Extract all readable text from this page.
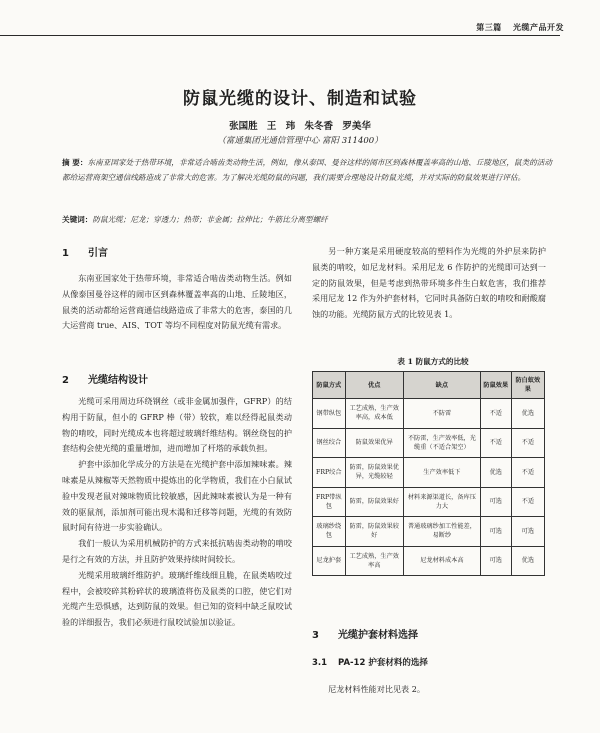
第三篇 光缆产品开发
防鼠光缆的设计、制造和试验
张国胜 王 玮 朱冬香 罗美华
（富通集团光通信管理中心 富阳 311400）
摘 要：东南亚国家处于热带环境，非常适合啮齿类动物生活，例如，像从泰国、曼谷这样的闹市区到森林覆盖率高的山地、丘陵地区，鼠类的活动都给运营商架空通信线路造成了非常大的危害。为了解决光缆防鼠的问题，我们需要合理地设计防鼠光缆，并对实际的防鼠效果进行评估。
关键词：防鼠光缆；尼龙；穿透力；热带；非金属；拉伸比；牛筋比分离型螺纤
1 引言

东南亚国家处于热带环境，非常适合啮齿类动物生活。例如从像泰国曼谷这样的闹市区到森林覆盖率高的山地、丘陵地区，鼠类的活动都给运营商通信线路造成了非常大的危害，泰国的几大运营商 true、AIS、TOT 等均不同程度对防鼠光缆有需求。

2 光缆结构设计

光缆可采用周边环绕钢丝（或非金属加强件，GFRP）的结构用于防鼠，但小的 GFRP 棒（带）较软，难以经得起鼠类动物的啃咬，同时光缆成本也将超过玻璃纤维结构。钢丝绕包的护套结构会使光缆的重量增加，进而增加了杆塔的承载负担。

护套中添加化学成分的方法是在光缆护套中添加辣味素。辣味素是从辣椒等天然物质中提炼出的化学物质，我们在小白鼠试验中发现老鼠对辣味物质比较敏感，因此辣味素被认为是一种有效的驱鼠剂，添加剂可能出现木渴和迁移等问题，光缆的有效防鼠时间有待进一步实验确认。

我们一般认为采用机械防护的方式来抵抗啮齿类动物的啃咬是行之有效的方法，并且防护效果持续时间较长。

光缆采用玻璃纤维防护。玻璃纤维线细且脆，在鼠类啮咬过程中，会被咬碎其粉碎状的玻璃渣将伤及鼠类的口腔，使它们对光缆产生恐惧感，达到防鼠的效果。但已知的资料中缺乏鼠咬试验的详细报告，我们必须进行鼠咬试验加以验证。

另一种方案是采用硬度较高的塑料作为光缆的外护层来防护鼠类的啃咬，如尼龙材料。采用尼龙 6 作防护的光缆即可达到一定的防鼠效果，但是考虑到热带环境多件生白蚁危害，我们推荐采用尼龙 12 作为外护套材料，它同时具备防白蚁的啃咬和耐酸腐蚀的功能。光缆防鼠方式的比较见表 1。

表 1 防鼠方式的比较
防鼠方式	优点	缺点	防鼠效果	防白蚁效果
钢带纵包	工艺成熟，生产效率高，成本低	不防雷	不适	优选
钢丝绞合	防鼠效果优异	不防雷，生产效率低，光缆重（不适合架空）	不适	不适
FRP绞合	防雷，防鼠效果优异，光缆较轻	生产效率低下	优选	不适
FRP带纵包	防雷，防鼠效果好	材料来源渠道长，备库压力大	可选	不适
玻璃纱绕包	防雷，防鼠效果较好	普通玻璃纱加工性能差，易断纱	可选	可选
尼龙护套	工艺成熟，生产效率高	尼龙材料成本高	可选	优选
3 光缆护套材料选择
3.1 PA-12 护套材料的选择

尼龙材料性能对比见表 2。
